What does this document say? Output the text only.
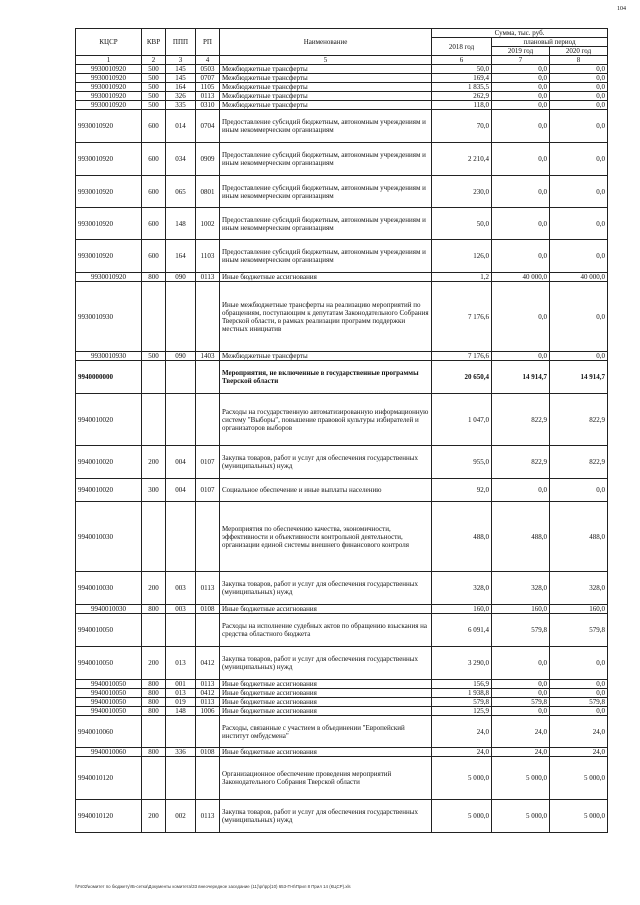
104
КЦСР	КВР	ППП	РП	Наименование	Сумма, тыс. руб.		
					2018 год	плановый период	
						2019 год	2020 год
1	2	3	4	5	6	7	8
9930010920	500	145	0503	Межбюджетные трансферты	50,0	0,0	0,0
9930010920	500	145	0707	Межбюджетные трансферты	169,4	0,0	0,0
9930010920	500	164	1105	Межбюджетные трансферты	1 835,5	0,0	0,0
9930010920	500	326	0113	Межбюджетные трансферты	262,9	0,0	0,0
9930010920	500	335	0310	Межбюджетные трансферты	118,0	0,0	0,0
9930010920	600	014	0704	Предоставление субсидий бюджетным, автономным учреждениям и иным некоммерческим организациям	70,0	0,0	0,0
9930010920	600	034	0909	Предоставление субсидий бюджетным, автономным учреждениям и иным некоммерческим организациям	2 210,4	0,0	0,0
9930010920	600	065	0801	Предоставление субсидий бюджетным, автономным учреждениям и иным некоммерческим организациям	230,0	0,0	0,0
9930010920	600	148	1002	Предоставление субсидий бюджетным, автономным учреждениям и иным некоммерческим организациям	50,0	0,0	0,0
9930010920	600	164	1103	Предоставление субсидий бюджетным, автономным учреждениям и иным некоммерческим организациям	126,0	0,0	0,0
9930010920	800	090	0113	Иные бюджетные ассигнования	1,2	40 000,0	40 000,0
9930010930				Иные межбюджетные трансферты на реализацию мероприятий по обращениям, поступающим к депутатам Законодательного Собрания Тверской области, в рамках реализации программ поддержки местных инициатив	7 176,6	0,0	0,0
9930010930	500	090	1403	Межбюджетные трансферты	7 176,6	0,0	0,0
9940000000				Мероприятия, не включенные в государственные программы Тверской области	20 650,4	14 914,7	14 914,7
9940010020				Расходы на государственную автоматизированную информационную систему "Выборы", повышение правовой культуры избирателей и организаторов выборов	1 047,0	822,9	822,9
9940010020	200	004	0107	Закупка товаров, работ и услуг для обеспечения государственных (муниципальных) нужд	955,0	822,9	822,9
9940010020	300	004	0107	Социальное обеспечение и иные выплаты населению	92,0	0,0	0,0
9940010030				Мероприятия по обеспечению качества, экономичности, эффективности и объективности контрольной деятельности, организации единой системы внешнего финансового контроля	488,0	488,0	488,0
9940010030	200	003	0113	Закупка товаров, работ и услуг для обеспечения государственных (муниципальных) нужд	328,0	328,0	328,0
9940010030	800	003	0108	Иные бюджетные ассигнования	160,0	160,0	160,0
9940010050				Расходы на исполнение судебных актов по обращению взыскания на средства областного бюджета	6 091,4	579,8	579,8
9940010050	200	013	0412	Закупка товаров, работ и услуг для обеспечения государственных (муниципальных) нужд	3 290,0	0,0	0,0
9940010050	800	001	0113	Иные бюджетные ассигнования	156,9	0,0	0,0
9940010050	800	013	0412	Иные бюджетные ассигнования	1 938,8	0,0	0,0
9940010050	800	019	0113	Иные бюджетные ассигнования	579,8	579,8	579,8
9940010050	800	148	1006	Иные бюджетные ассигнования	125,9	0,0	0,0
9940010060				Расходы, связанные с участием в объединении "Европейский институт омбудсмена"	24,0	24,0	24,0
9940010060	800	336	0108	Иные бюджетные ассигнования	24,0	24,0	24,0
9940010120				Организационное обеспечение проведения мероприятий Законодательного Собрания Тверской области	5 000,0	5 000,0	5 000,0
9940010120	200	002	0113	Закупка товаров, работ и услуг для обеспечения государственных (муниципальных) нужд	5 000,0	5 000,0	5 000,0
\\Fs02\комитет по бюджету\!Б-сетка\Документы комитета\33 внеочередное заседание (11)\pr\pp(10) 653-П-6\Прил 8 Прил 14 (КЦСР).xls
